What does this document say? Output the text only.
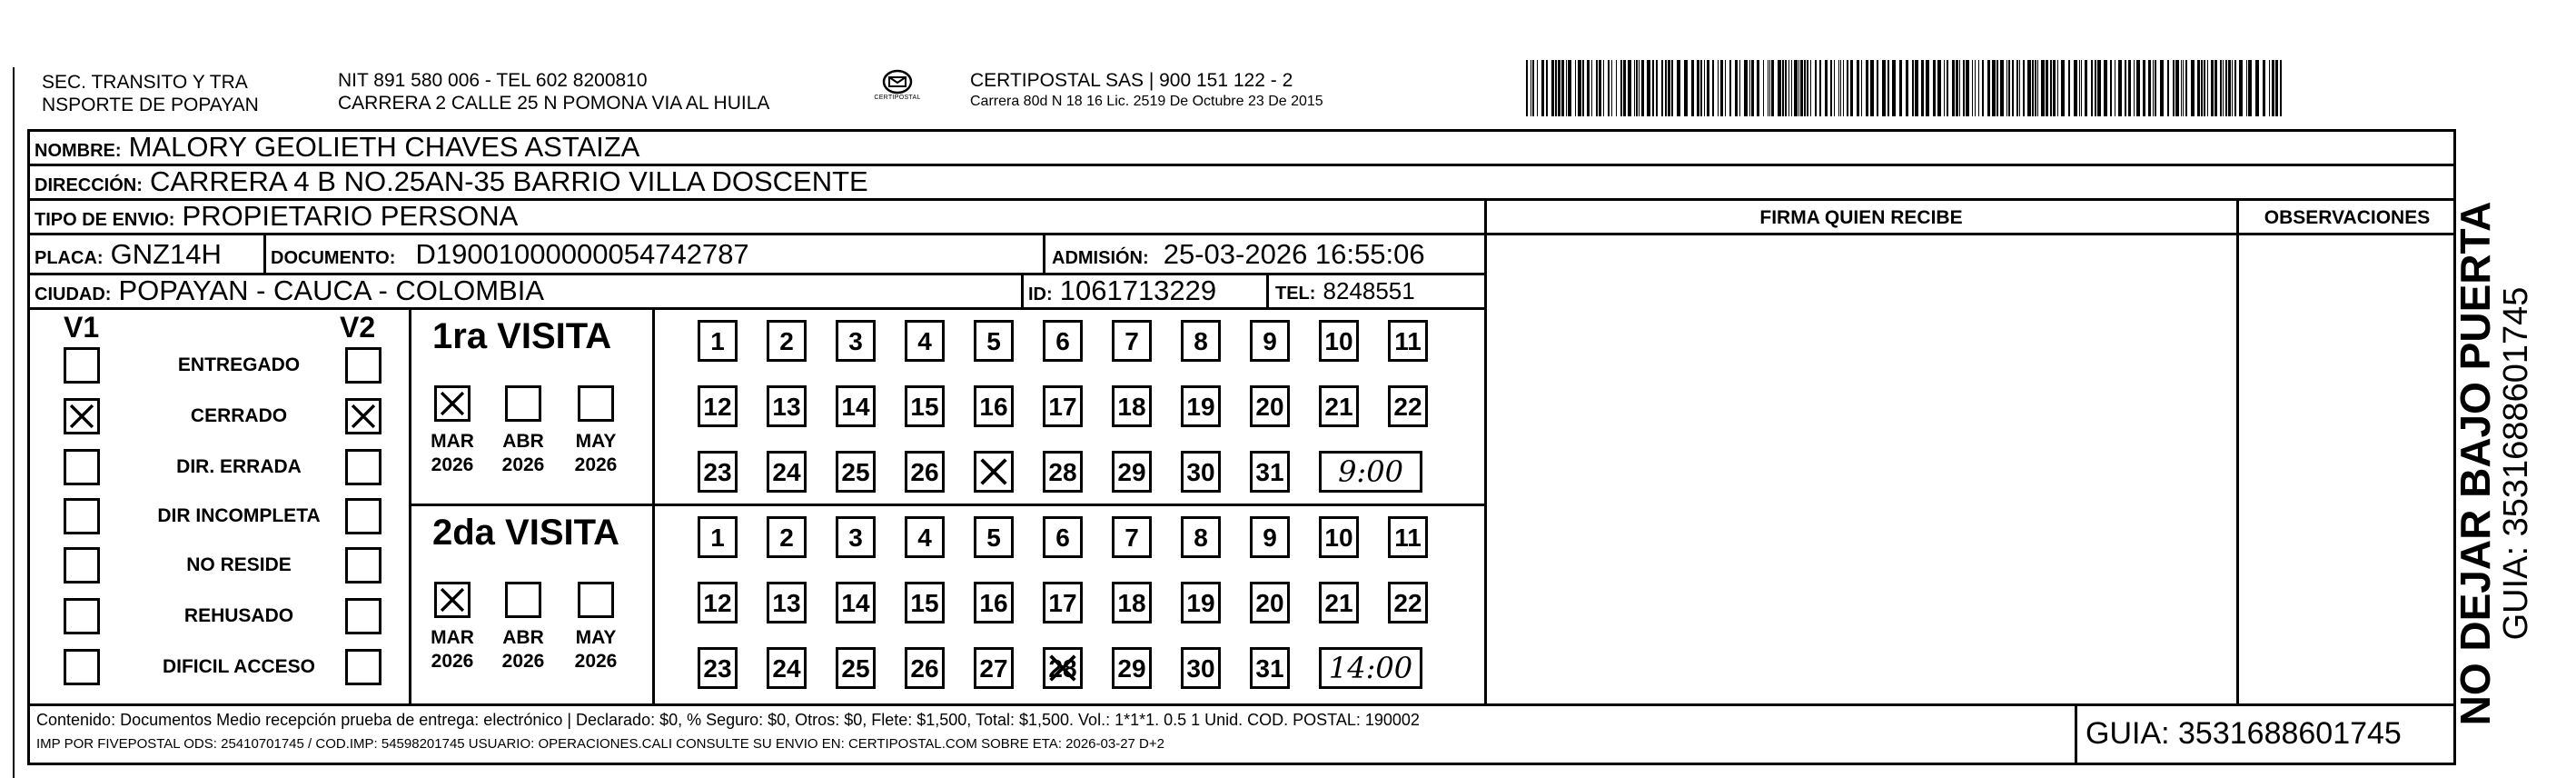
SEC. TRANSITO Y TRA
NSPORTE DE POPAYAN
NIT 891 580 006 - TEL 602 8200810
CARRERA 2 CALLE 25 N POMONA VIA AL HUILA	CERTIPOSTAL
CERTIPOSTAL SAS | 900 151 122 - 2
Carrera 80d N 18 16 Lic. 2519 De Octubre 23 De 2015
NOMBRE: MALORY GEOLIETH CHAVES ASTAIZA
DIRECCIÓN: CARRERA 4 B NO.25AN-35 BARRIO VILLA DOSCENTE
TIPO DE ENVIO: PROPIETARIO PERSONA	FIRMA QUIEN RECIBE	OBSERVACIONES
PLACA: GNZ14H	DOCUMENTO: D19001000000054742787	ADMISIÓN: 25-03-2026 16:55:06
CIUDAD: POPAYAN - CAUCA - COLOMBIA	ID: 1061713229	TEL: 8248551
V1	V2
ENTREGADO
CERRADO
DIR. ERRADA
DIR INCOMPLETA
NO RESIDE
REHUSADO
DIFICIL ACCESO
1ra VISITA
MAR
2026
ABR
2026
MAY
2026
1	2	3	4	5	6	7	8	9	10 11
12 13 14 15 16 17 18 19 20 21 22
23 24 25 26	28 29 30 31	9:00
2da VISITA
MAR
2026
ABR
2026
MAY
2026
1	2	3	4	5	6	7	8	9	10 11
12 13 14 15 16 17 18 19 20 21 22
23 24 25 26 27 28 29 30 31	14:00
Contenido: Documentos Medio recepción prueba de entrega: electrónico | Declarado: $0, % Seguro: $0, Otros: $0, Flete: $1,500, Total: $1,500. Vol.: 1*1*1. 0.5 1 Unid. COD. POSTAL: 190002
IMP POR FIVEPOSTAL ODS: 25410701745 / COD.IMP: 54598201745 USUARIO: OPERACIONES.CALI CONSULTE SU ENVIO EN: CERTIPOSTAL.COM SOBRE ETA: 2026-03-27 D+2	GUIA: 3531688601745
NO DEJAR BAJO PUERTA
GUIA: 3531688601745
